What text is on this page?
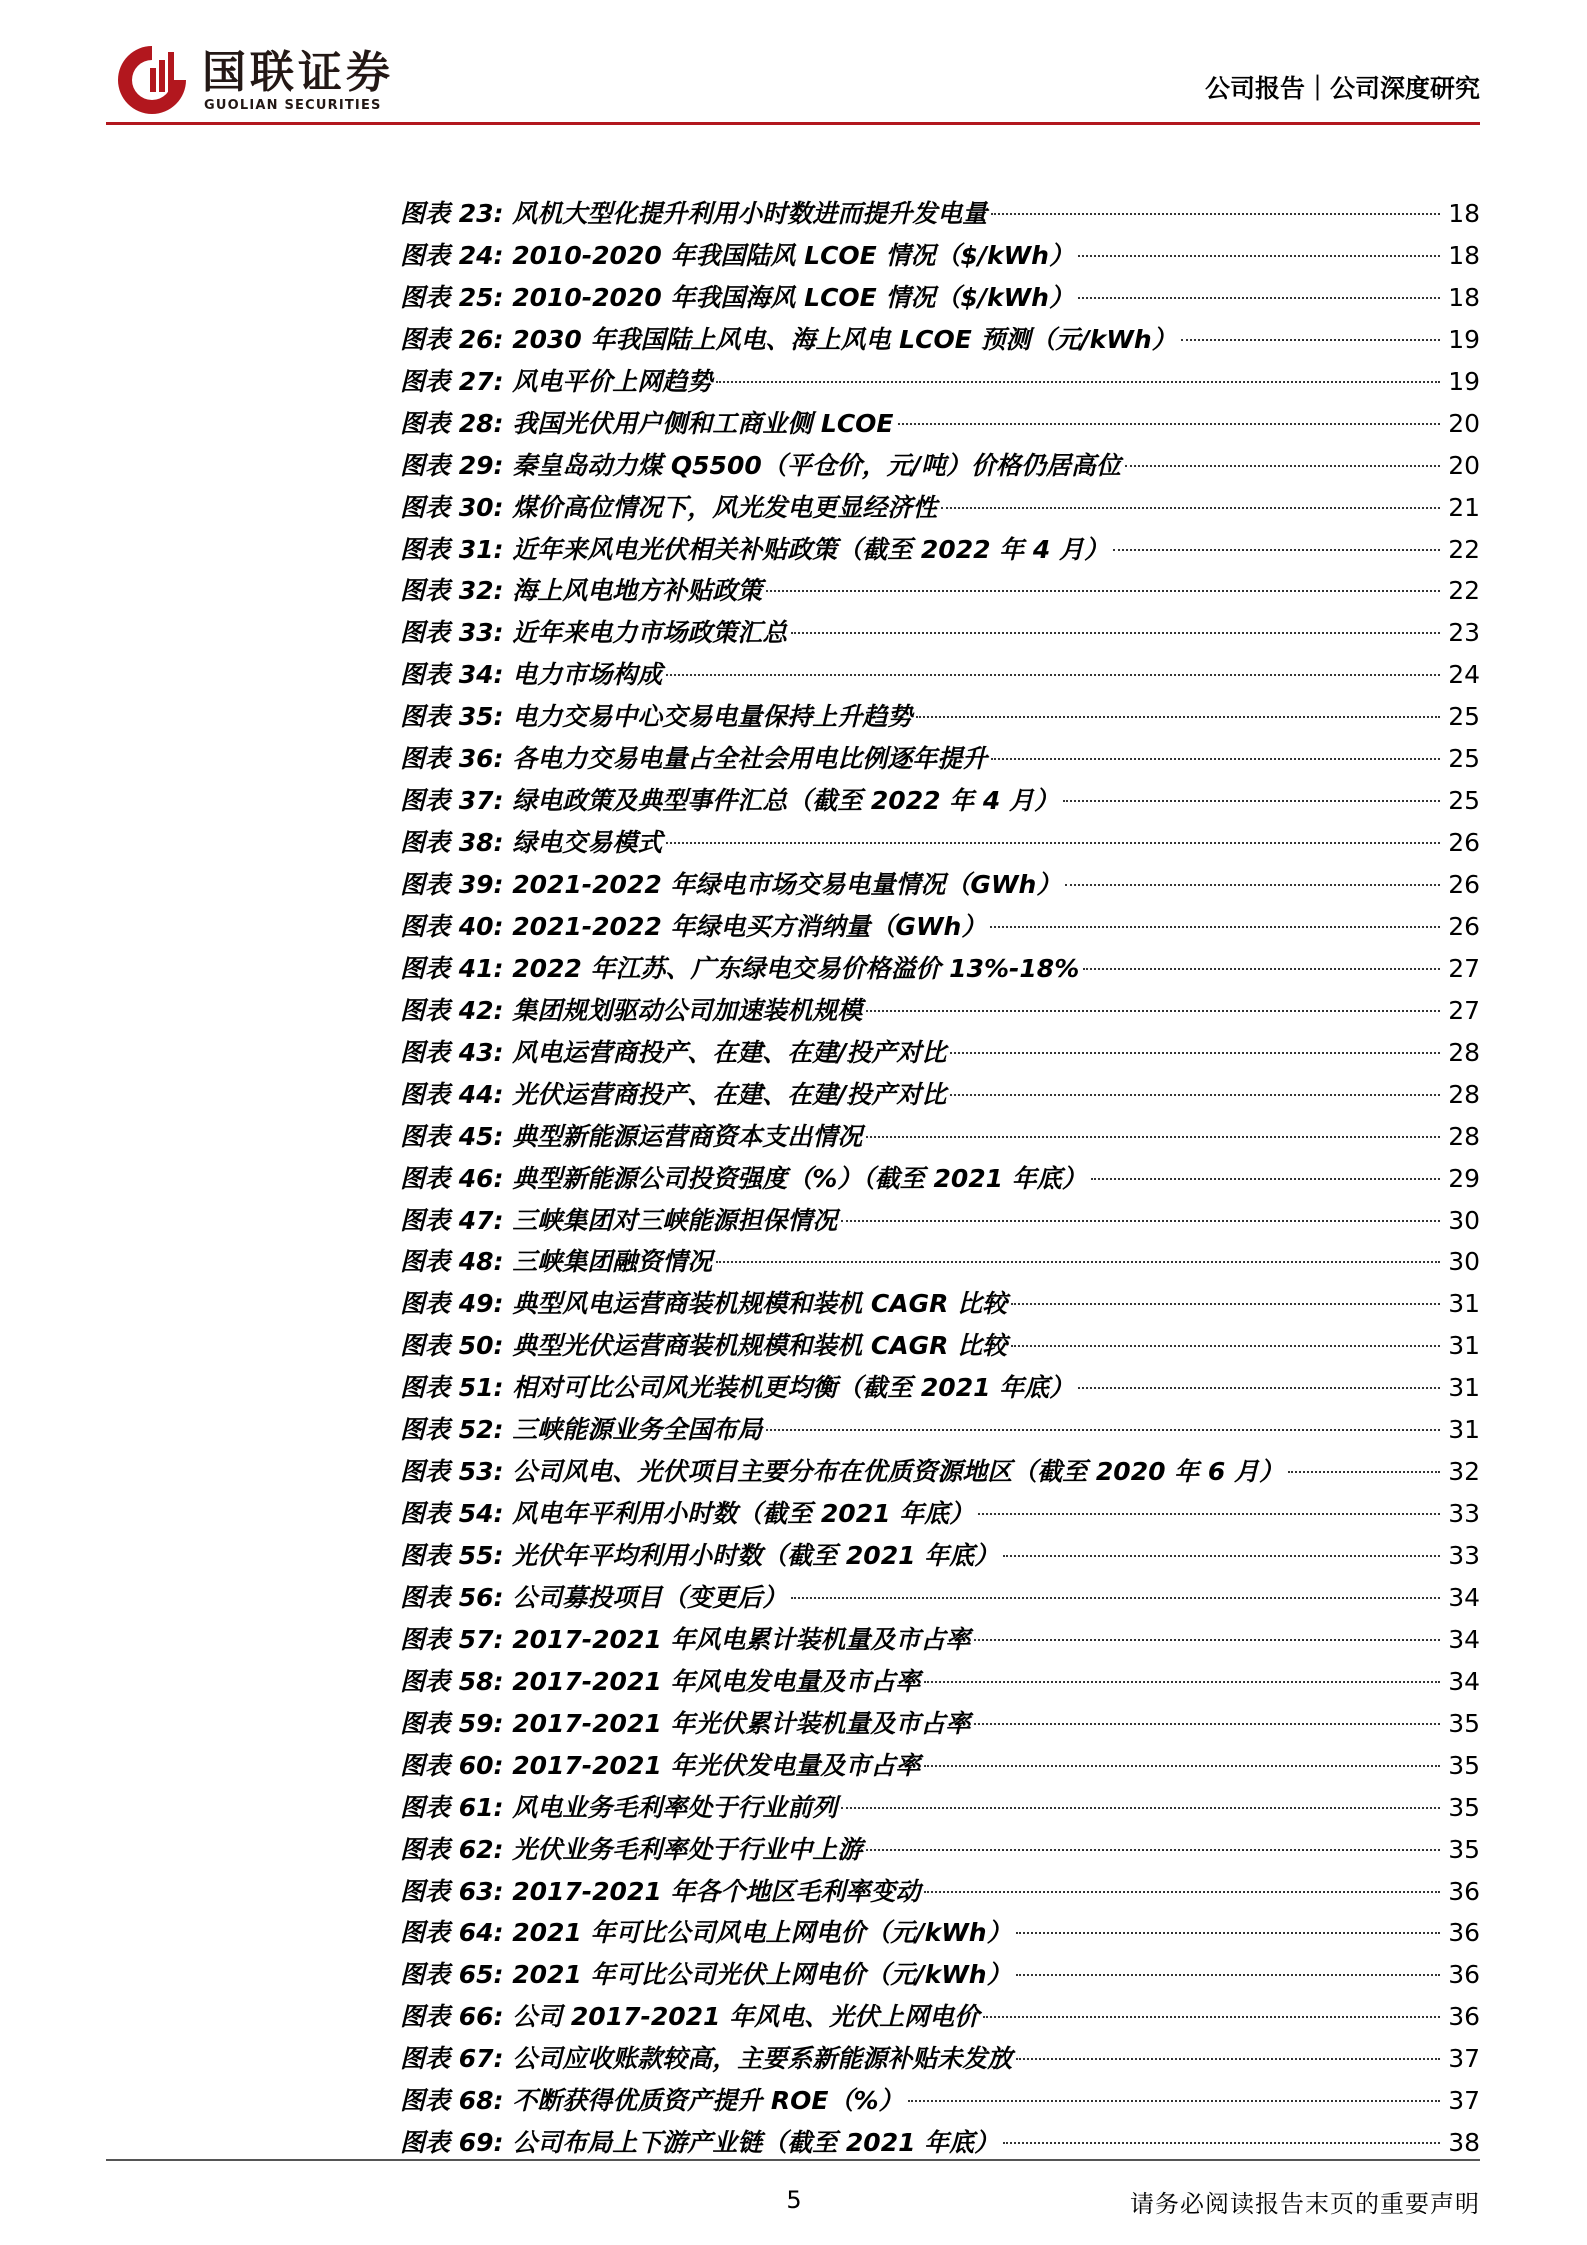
国联证券
GUOLIAN SECURITIES
公司报告｜公司深度研究
图表 23: 风机大型化提升利用小时数进而提升发电量	18
图表 24: 2010-2020 年我国陆风 LCOE 情况（$/kWh）	18
图表 25: 2010-2020 年我国海风 LCOE 情况（$/kWh）	18
图表 26: 2030 年我国陆上风电、海上风电 LCOE 预测（元/kWh）	19
图表 27: 风电平价上网趋势	19
图表 28: 我国光伏用户侧和工商业侧 LCOE	20
图表 29: 秦皇岛动力煤 Q5500（平仓价，元/吨）价格仍居高位	20
图表 30: 煤价高位情况下，风光发电更显经济性	21
图表 31: 近年来风电光伏相关补贴政策（截至 2022 年 4 月）	22
图表 32: 海上风电地方补贴政策	22
图表 33: 近年来电力市场政策汇总	23
图表 34: 电力市场构成	24
图表 35: 电力交易中心交易电量保持上升趋势	25
图表 36: 各电力交易电量占全社会用电比例逐年提升	25
图表 37: 绿电政策及典型事件汇总（截至 2022 年 4 月）	25
图表 38: 绿电交易模式	26
图表 39: 2021-2022 年绿电市场交易电量情况（GWh）	26
图表 40: 2021-2022 年绿电买方消纳量（GWh）	26
图表 41: 2022 年江苏、广东绿电交易价格溢价 13%-18%	27
图表 42: 集团规划驱动公司加速装机规模	27
图表 43: 风电运营商投产、在建、在建/投产对比	28
图表 44: 光伏运营商投产、在建、在建/投产对比	28
图表 45: 典型新能源运营商资本支出情况	28
图表 46: 典型新能源公司投资强度（%）（截至 2021 年底）	29
图表 47: 三峡集团对三峡能源担保情况	30
图表 48: 三峡集团融资情况	30
图表 49: 典型风电运营商装机规模和装机 CAGR 比较	31
图表 50: 典型光伏运营商装机规模和装机 CAGR 比较	31
图表 51: 相对可比公司风光装机更均衡（截至 2021 年底）	31
图表 52: 三峡能源业务全国布局	31
图表 53: 公司风电、光伏项目主要分布在优质资源地区（截至 2020 年 6 月）	32
图表 54: 风电年平利用小时数（截至 2021 年底）	33
图表 55: 光伏年平均利用小时数（截至 2021 年底）	33
图表 56: 公司募投项目（变更后）	34
图表 57: 2017-2021 年风电累计装机量及市占率	34
图表 58: 2017-2021 年风电发电量及市占率	34
图表 59: 2017-2021 年光伏累计装机量及市占率	35
图表 60: 2017-2021 年光伏发电量及市占率	35
图表 61: 风电业务毛利率处于行业前列	35
图表 62: 光伏业务毛利率处于行业中上游	35
图表 63: 2017-2021 年各个地区毛利率变动	36
图表 64: 2021 年可比公司风电上网电价（元/kWh）	36
图表 65: 2021 年可比公司光伏上网电价（元/kWh）	36
图表 66: 公司 2017-2021 年风电、光伏上网电价	36
图表 67: 公司应收账款较高，主要系新能源补贴未发放	37
图表 68: 不断获得优质资产提升 ROE（%）	37
图表 69: 公司布局上下游产业链（截至 2021 年底）	38
5	请务必阅读报告末页的重要声明
